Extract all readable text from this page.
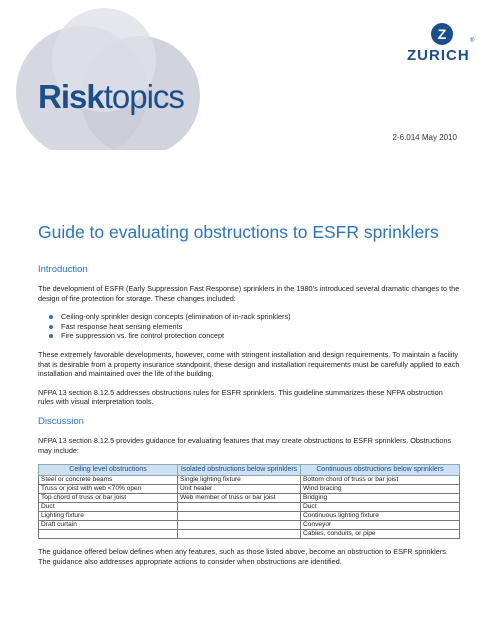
Risktopics
Z
ZURICH
®
2-6.014 May 2010
Guide to evaluating obstructions to ESFR sprinklers
Introduction

The development of ESFR (Early Suppression Fast Response) sprinklers in the 1980’s introduced several dramatic changes to the design of fire protection for storage. These changes included:

Ceiling-only sprinkler design concepts (elimination of in-rack sprinklers)
Fast response heat sensing elements
Fire suppression vs. fire control protection concept

These extremely favorable developments, however, come with stringent installation and design requirements. To maintain a facility that is desirable from a property insurance standpoint, these design and installation requirements must be carefully applied to each installation and maintained over the life of the building.

NFPA 13 section 8.12.5 addresses obstructions rules for ESFR sprinklers. This guideline summarizes these NFPA obstruction rules with visual interpretation tools.

Discussion

NFPA 13 section 8.12.5 provides guidance for evaluating features that may create obstructions to ESFR sprinklers. Obstructions may include:

Ceiling level obstructions	Isolated obstructions below sprinklers	Continuous obstructions below sprinklers
Steel or concrete beams	Single lighting fixture	Bottom chord of truss or bar joist
Truss or joist with web <70% open	Unit heater	Wind bracing
Top chord of truss or bar joist	Web member of truss or bar joist	Bridging
Duct		Duct
Lighting fixture		Continuous lighting fixture
Draft curtain		Conveyor
		Cables, conduits, or pipe

The guidance offered below defines when any features, such as those listed above, become an obstruction to ESFR sprinklers. The guidance also addresses appropriate actions to consider when obstructions are identified.
